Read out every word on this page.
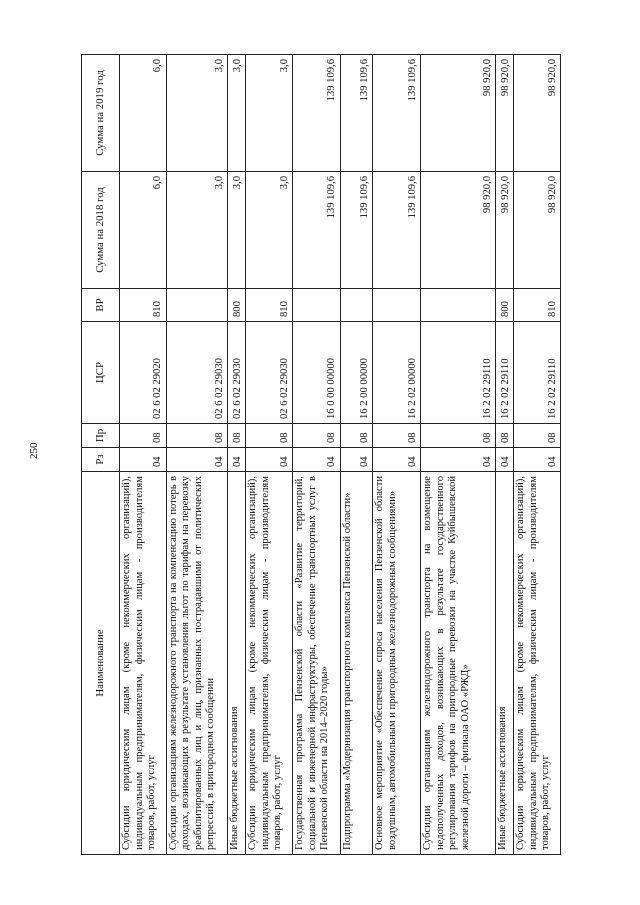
250
Наименование	Рз	Пр	ЦСР	ВР	Сумма на 2018 год	Сумма на 2019 год
Субсидии юридическим лицам (кроме некоммерческих организаций), индивидуальным предпринимателям, физическим лицам - производителям товаров, работ, услуг	04	08	02 6 02 29020	810	6,0	6,0
Субсидии организациям железнодорожного транспорта на компенсацию потерь в доходах, возникающих в результате установления льгот по тарифам на перевозку реабилитированных лиц и лиц, признанных пострадавшими от политических репрессий, в пригородном сообщении	04	08	02 6 02 29030		3,0	3,0
Иные бюджетные ассигнования	04	08	02 6 02 29030	800	3,0	3,0
Субсидии юридическим лицам (кроме некоммерческих организаций), индивидуальным предпринимателям, физическим лицам - производителям товаров, работ, услуг	04	08	02 6 02 29030	810	3,0	3,0
Государственная программа Пензенской области «Развитие территорий, социальной и инженерной инфраструктуры, обеспечение транспортных услуг в Пензенской области на 2014–2020 годы»	04	08	16 0 00 00000		139 109,6	139 109,6
Подпрограмма «Модернизация транспортного комплекса Пензенской области»	04	08	16 2 00 00000		139 109,6	139 109,6
Основное мероприятие «Обеспечение спроса населения Пензенской области воздушным, автомобильным и пригородным железнодорожным сообщениями»	04	08	16 2 02 00000		139 109,6	139 109,6
Субсидии организациям железнодорожного транспорта на возмещение недополученных доходов, возникающих в результате государственного регулирования тарифов на пригородные перевозки на участке Куйбышевской железной дороги – филиала ОАО «РЖД»	04	08	16 2 02 29110		98 920,0	98 920,0
Иные бюджетные ассигнования	04	08	16 2 02 29110	800	98 920,0	98 920,0
Субсидии юридическим лицам (кроме некоммерческих организаций), индивидуальным предпринимателям, физическим лицам - производителям товаров, работ, услуг	04	08	16 2 02 29110	810	98 920,0	98 920,0
